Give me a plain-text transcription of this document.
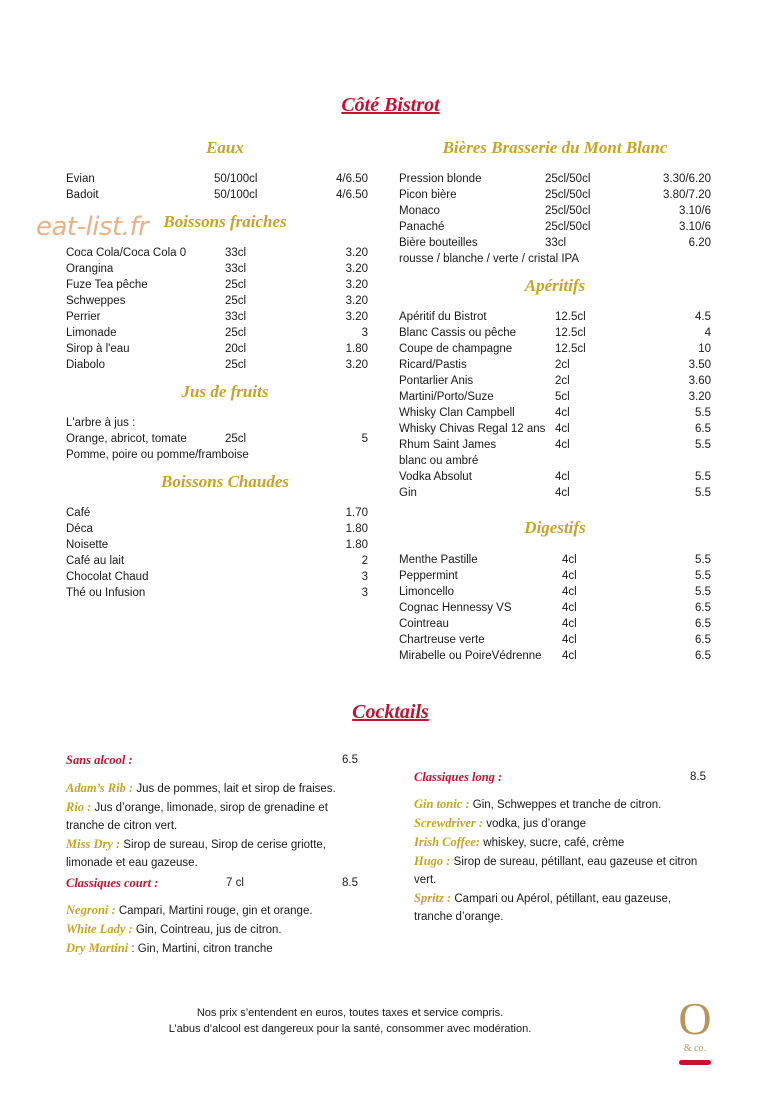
Côté Bistrot
Eaux
Evian	50/100cl	4/6.50
Badoit	50/100cl	4/6.50
eat-list.fr Boissons fraiches
Coca Cola/Coca Cola 0	33cl	3.20
Orangina	33cl	3.20
Fuze Tea pêche	25cl	3.20
Schweppes	25cl	3.20
Perrier	33cl	3.20
Limonade	25cl	3
Sirop à l'eau	20cl	1.80
Diabolo	25cl	3.20
Jus de fruits
L'arbre à jus :
Orange, abricot, tomate	25cl	5
Pomme, poire ou pomme/framboise
Boissons Chaudes
Café	1.70
Déca	1.80
Noisette	1.80
Café au lait	2
Chocolat Chaud	3
Thé ou Infusion	3
Bières Brasserie du Mont Blanc
Pression blonde	25cl/50cl	3.30/6.20
Picon bière	25cl/50cl	3.80/7.20
Monaco	25cl/50cl	3.10/6
Panaché	25cl/50cl	3.10/6
Bière bouteilles	33cl	6.20
rousse / blanche / verte / cristal IPA
Apéritifs
Apéritif du Bistrot	12.5cl	4.5
Blanc Cassis ou pêche	12.5cl	4
Coupe de champagne	12.5cl	10
Ricard/Pastis	2cl	3.50
Pontarlier Anis	2cl	3.60
Martini/Porto/Suze	5cl	3.20
Whisky Clan Campbell	4cl	5.5
Whisky Chivas Regal 12 ans 4cl	6.5
Rhum Saint James	4cl	5.5
blanc ou ambré
Vodka Absolut	4cl	5.5
Gin	4cl	5.5
Digestifs
Menthe Pastille	4cl	5.5
Peppermint	4cl	5.5
Limoncello	4cl	5.5
Cognac Hennessy VS	4cl	6.5
Cointreau	4cl	6.5
Chartreuse verte	4cl	6.5
Mirabelle ou PoireVédrenne 4cl	6.5
Cocktails
Sans alcool :	6.5
Adam’s Rib : Jus de pommes, lait et sirop de fraises.
Rio : Jus d’orange, limonade, sirop de grenadine et tranche de citron vert.
Miss Dry : Sirop de sureau, Sirop de cerise griotte, limonade et eau gazeuse.
Classiques court :	7 cl	8.5
Negroni : Campari, Martini rouge, gin et orange.
White Lady : Gin, Cointreau, jus de citron.
Dry Martini : Gin, Martini, citron tranche
Classiques long :	8.5
Gin tonic : Gin, Schweppes et tranche de citron.
Screwdriver : vodka, jus d’orange
Irish Coffee: whiskey, sucre, café, crème
Hugo : Sirop de sureau, pétillant, eau gazeuse et citron vert.
Spritz : Campari ou Apérol, pétillant, eau gazeuse, tranche d’orange.
Nos prix s’entendent en euros, toutes taxes et service compris.
L’abus d’alcool est dangereux pour la santé, consommer avec modération.	O
& co.
